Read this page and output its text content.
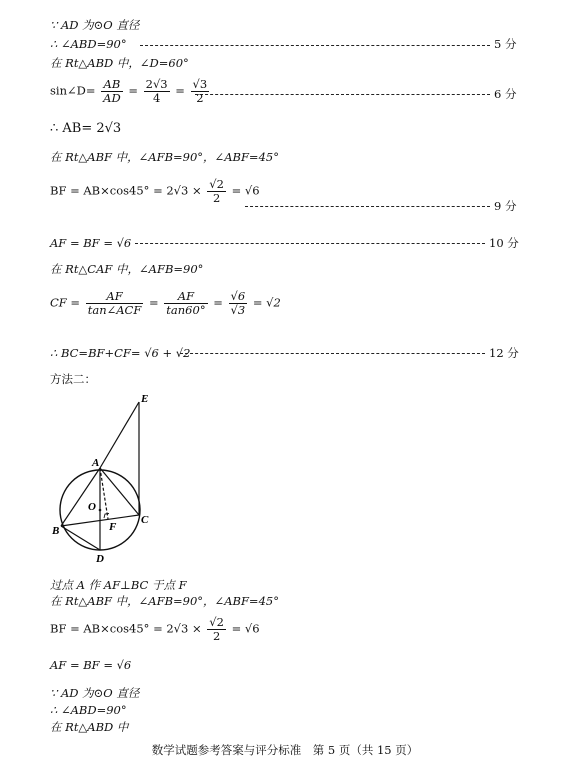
∵ AD 为⊙O 直径
∴ ∠ABD=90°	5 分
在 Rt△ABD 中，∠D=60°
sin∠D= $\frac{AB}{AD} = \frac{2√3}{4} = \frac{√3}{2}$	6 分
∴ AB= 2√3
在 Rt△ABF 中，∠AFB=90°，∠ABF=45°
BF = $AB\times\cos 45^\circ = 2√3 \times \frac{√2}{2} = √6$
9 分
AF = BF = √6	10 分
在 Rt△CAF 中，∠AFB=90°
CF = $\frac{AF}{\text{tan∠ACF}} = \frac{AF}{\tan 60^\circ} = \frac{√6}{√3} = √2$
∴ BC=BF+CF= √6 + √2	12 分
方法二：
E
A
O
F
B
C
D
过点 A 作 AF⊥BC 于点 F
在 Rt△ABF 中，∠AFB=90°，∠ABF=45°
BF = $AB\times\cos 45^\circ = 2√3 \times \frac{√2}{2} = √6$
AF = BF = √6
∵ AD 为⊙O 直径
∴ ∠ABD=90°
在 Rt△ABD 中
数学试题参考答案与评分标准　第 5 页（共 15 页）
